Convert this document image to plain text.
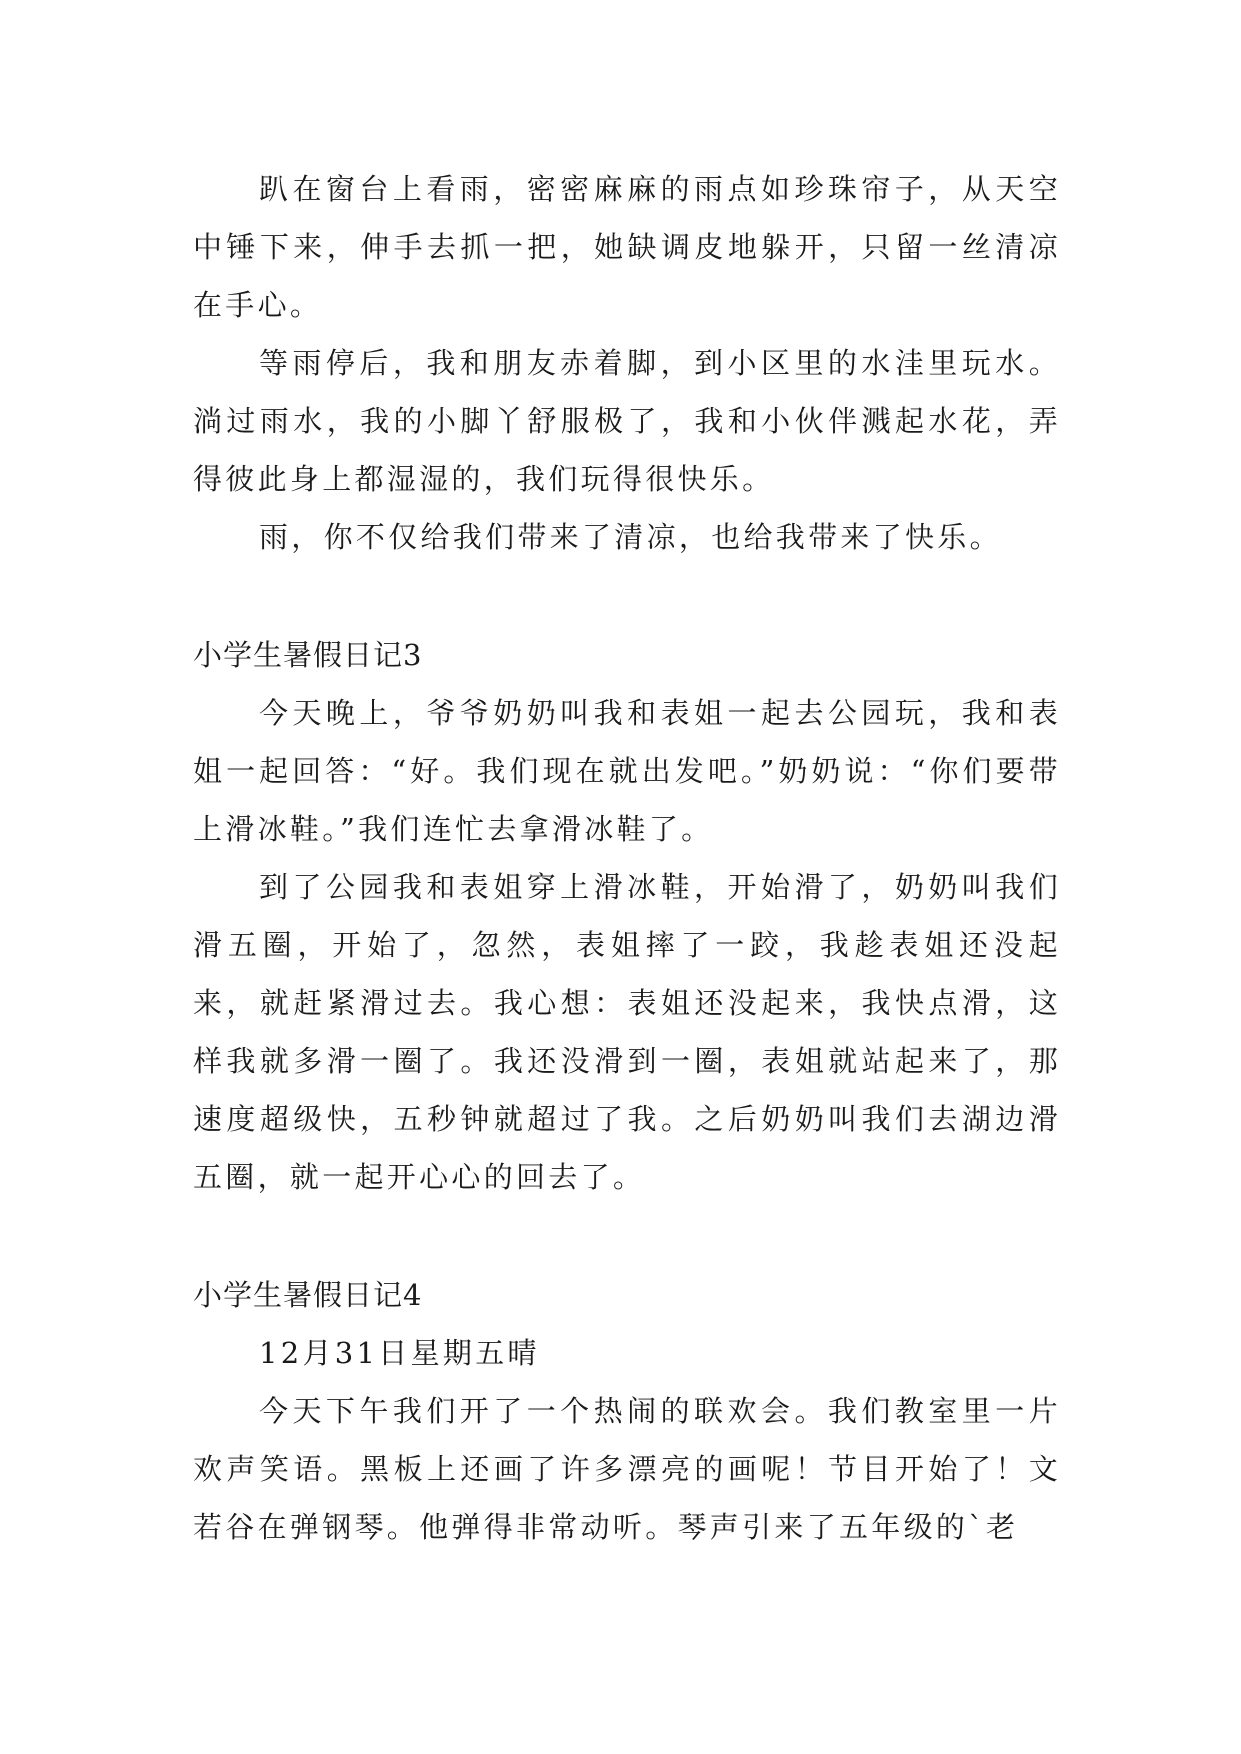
趴在窗台上看雨，密密麻麻的雨点如珍珠帘子，从天空中锤下来，伸手去抓一把，她缺调皮地躲开，只留一丝清凉在手心。

等雨停后，我和朋友赤着脚，到小区里的水洼里玩水。淌过雨水，我的小脚丫舒服极了，我和小伙伴溅起水花，弄得彼此身上都湿湿的，我们玩得很快乐。

雨，你不仅给我们带来了清凉，也给我带来了快乐。

小学生暑假日记3

今天晚上，爷爷奶奶叫我和表姐一起去公园玩，我和表姐一起回答：“好。我们现在就出发吧。”奶奶说：“你们要带上滑冰鞋。”我们连忙去拿滑冰鞋了。

到了公园我和表姐穿上滑冰鞋，开始滑了，奶奶叫我们滑五圈，开始了，忽然，表姐摔了一跤，我趁表姐还没起来，就赶紧滑过去。我心想：表姐还没起来，我快点滑，这样我就多滑一圈了。我还没滑到一圈，表姐就站起来了，那速度超级快，五秒钟就超过了我。之后奶奶叫我们去湖边滑五圈，就一起开心心的回去了。

小学生暑假日记4

12月31日星期五晴

今天下午我们开了一个热闹的联欢会。我们教室里一片欢声笑语。黑板上还画了许多漂亮的画呢！节目开始了！文若谷在弹钢琴。他弹得非常动听。琴声引来了五年级的`老
